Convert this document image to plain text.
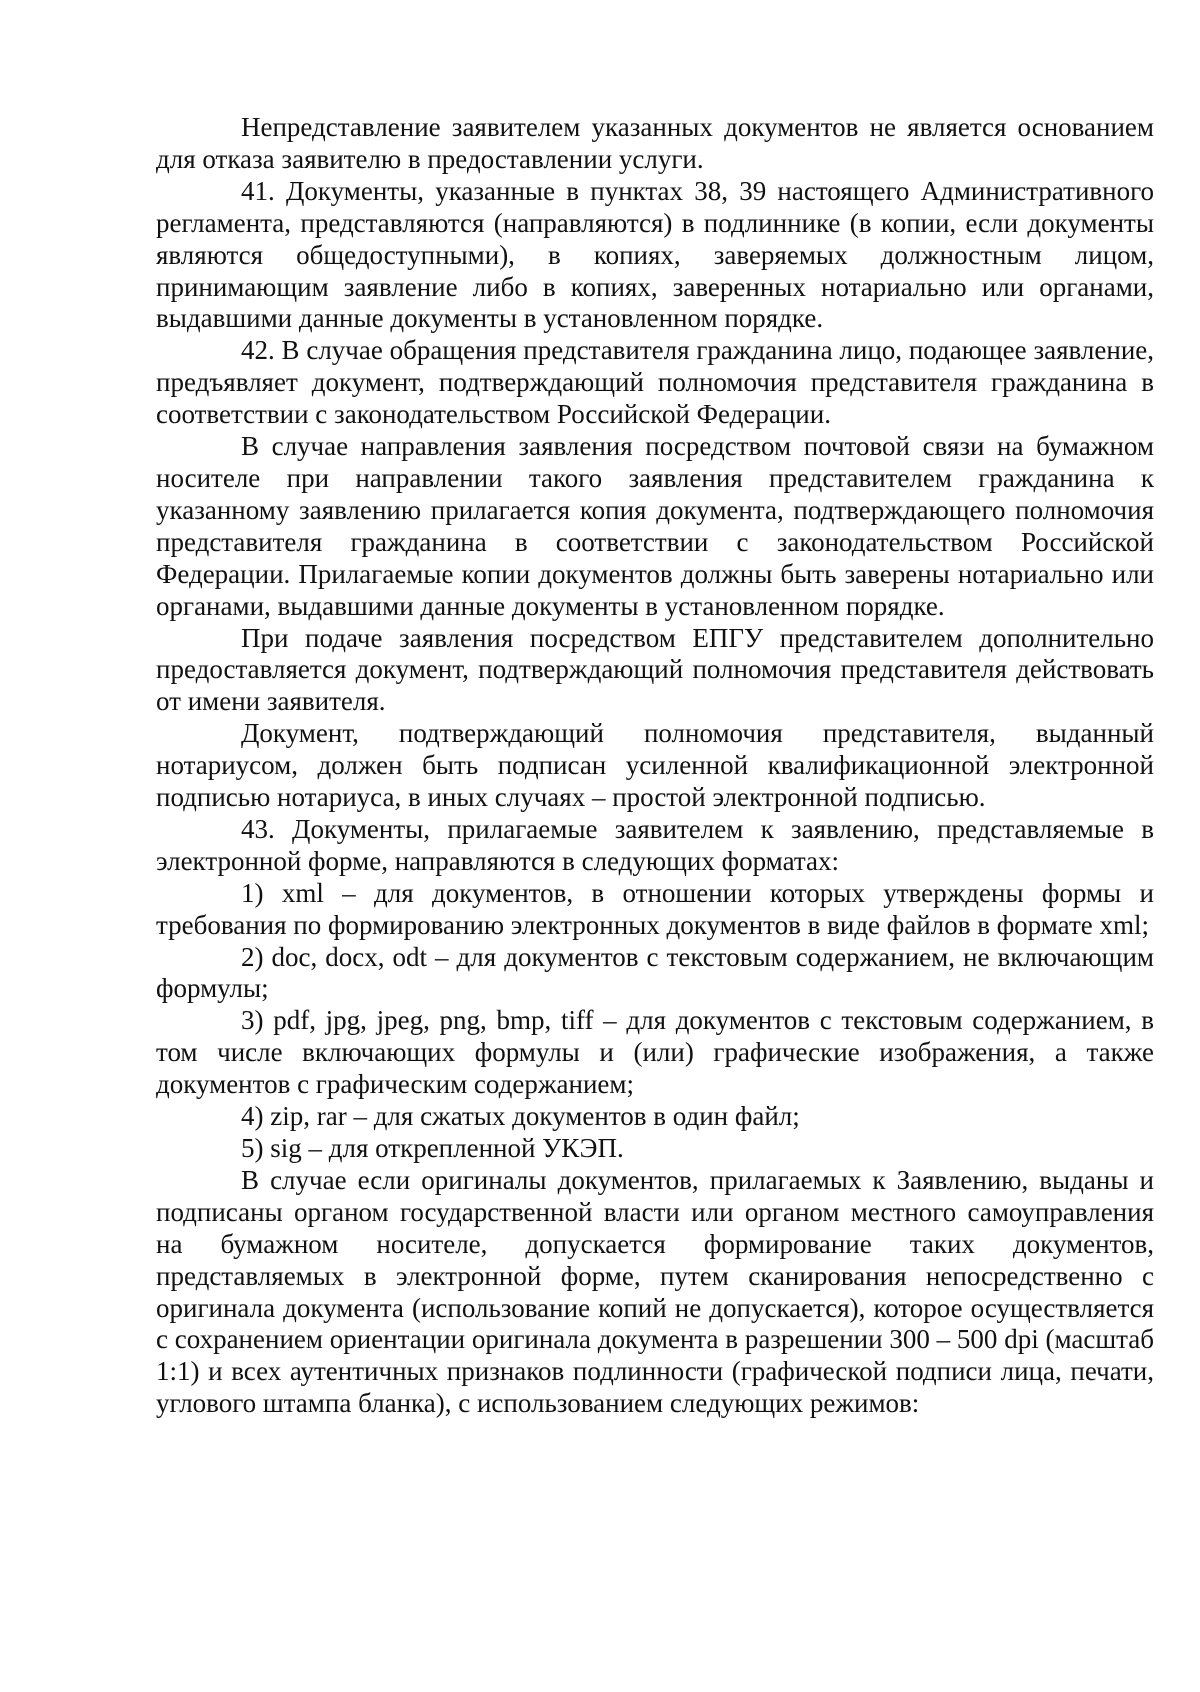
Непредставление заявителем указанных документов не является основанием для отказа заявителю в предоставлении услуги.

41. Документы, указанные в пунктах 38, 39 настоящего Административного регламента, представляются (направляются) в подлиннике (в копии, если документы являются общедоступными), в копиях, заверяемых должностным лицом, принимающим заявление либо в копиях, заверенных нотариально или органами, выдавшими данные документы в установленном порядке.

42. В случае обращения представителя гражданина лицо, подающее заявление, предъявляет документ, подтверждающий полномочия представителя гражданина в соответствии с законодательством Российской Федерации.

В случае направления заявления посредством почтовой связи на бумажном носителе при направлении такого заявления представителем гражданина к указанному заявлению прилагается копия документа, подтверждающего полномочия представителя гражданина в соответствии с законодательством Российской Федерации. Прилагаемые копии документов должны быть заверены нотариально или органами, выдавшими данные документы в установленном порядке.

При подаче заявления посредством ЕПГУ представителем дополнительно предоставляется документ, подтверждающий полномочия представителя действовать от имени заявителя.

Документ, подтверждающий полномочия представителя, выданный нотариусом, должен быть подписан усиленной квалификационной электронной подписью нотариуса, в иных случаях – простой электронной подписью.

43. Документы, прилагаемые заявителем к заявлению, представляемые в электронной форме, направляются в следующих форматах:

1) xml – для документов, в отношении которых утверждены формы и требования по формированию электронных документов в виде файлов в формате xml;

2) doc, docx, odt – для документов с текстовым содержанием, не включающим формулы;

3) pdf, jpg, jpeg, png, bmp, tiff – для документов с текстовым содержанием, в том числе включающих формулы и (или) графические изображения, а также документов с графическим содержанием;

4) zip, rar – для сжатых документов в один файл;

5) sig – для открепленной УКЭП.

В случае если оригиналы документов, прилагаемых к Заявлению, выданы и подписаны органом государственной власти или органом местного самоуправления на бумажном носителе, допускается формирование таких документов, представляемых в электронной форме, путем сканирования непосредственно с оригинала документа (использование копий не допускается), которое осуществляется с сохранением ориентации оригинала документа в разрешении 300 – 500 dpi (масштаб 1:1) и всех аутентичных признаков подлинности (графической подписи лица, печати, углового штампа бланка), с использованием следующих режимов:
